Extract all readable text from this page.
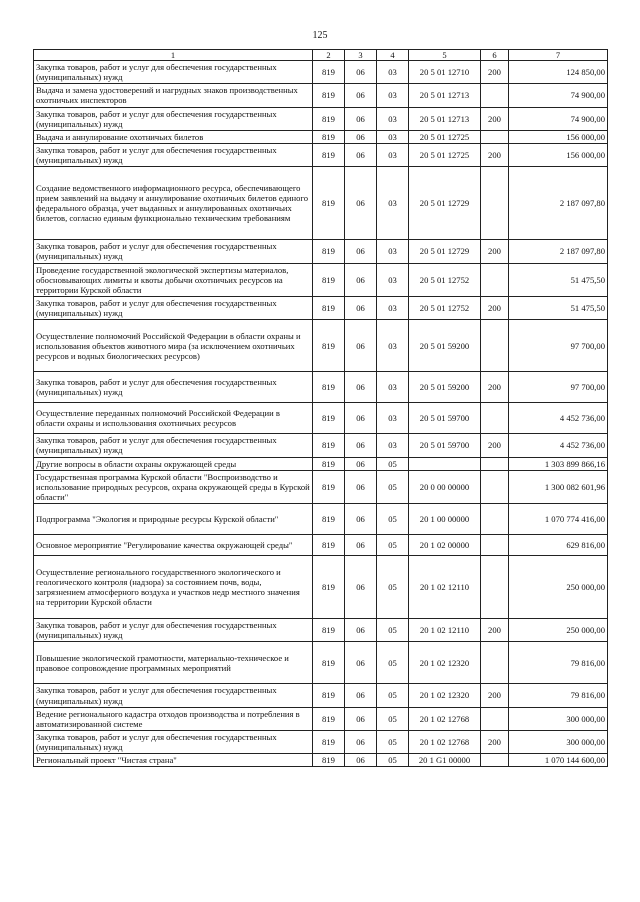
125
1	2	3	4	5	6	7
Закупка товаров, работ и услуг для обеспечения государственных (муниципальных) нужд	819	06	03	20 5 01 12710	200	124 850,00
Выдача и замена удостоверений и нагрудных знаков производственных охотничьих инспекторов	819	06	03	20 5 01 12713		74 900,00
Закупка товаров, работ и услуг для обеспечения государственных (муниципальных) нужд	819	06	03	20 5 01 12713	200	74 900,00
Выдача и аннулирование охотничьих билетов	819	06	03	20 5 01 12725		156 000,00
Закупка товаров, работ и услуг для обеспечения государственных (муниципальных) нужд	819	06	03	20 5 01 12725	200	156 000,00
Создание ведомственного информационного ресурса, обеспечивающего прием заявлений на выдачу и аннулирование охотничьих билетов единого федерального образца, учет выданных и аннулированных охотничьих билетов, согласно единым функционально техническим требованиям	819	06	03	20 5 01 12729		2 187 097,80
Закупка товаров, работ и услуг для обеспечения государственных (муниципальных) нужд	819	06	03	20 5 01 12729	200	2 187 097,80
Проведение государственной экологической экспертизы материалов, обосновывающих лимиты и квоты добычи охотничьих ресурсов на территории Курской области	819	06	03	20 5 01 12752		51 475,50
Закупка товаров, работ и услуг для обеспечения государственных (муниципальных) нужд	819	06	03	20 5 01 12752	200	51 475,50
Осуществление полномочий Российской Федерации в области охраны и использования объектов животного мира (за исключением охотничьих ресурсов и водных биологических ресурсов)	819	06	03	20 5 01 59200		97 700,00
Закупка товаров, работ и услуг для обеспечения государственных (муниципальных) нужд	819	06	03	20 5 01 59200	200	97 700,00
Осуществление переданных полномочий Российской Федерации в области охраны и использования охотничьих ресурсов	819	06	03	20 5 01 59700		4 452 736,00
Закупка товаров, работ и услуг для обеспечения государственных (муниципальных) нужд	819	06	03	20 5 01 59700	200	4 452 736,00
Другие вопросы в области охраны окружающей среды	819	06	05			1 303 899 866,16
Государственная программа Курской области "Воспроизводство и использование природных ресурсов, охрана окружающей среды в Курской области"	819	06	05	20 0 00 00000		1 300 082 601,96
Подпрограмма "Экология и природные ресурсы Курской области"	819	06	05	20 1 00 00000		1 070 774 416,00
Основное мероприятие "Регулирование качества окружающей среды"	819	06	05	20 1 02 00000		629 816,00
Осуществление регионального государственного экологического и геологического контроля (надзора) за состоянием почв, воды, загрязнением атмосферного воздуха и участков недр местного значения на территории Курской области	819	06	05	20 1 02 12110		250 000,00
Закупка товаров, работ и услуг для обеспечения государственных (муниципальных) нужд	819	06	05	20 1 02 12110	200	250 000,00
Повышение экологической грамотности, материально-техническое и правовое сопровождение программных мероприятий	819	06	05	20 1 02 12320		79 816,00
Закупка товаров, работ и услуг для обеспечения государственных (муниципальных) нужд	819	06	05	20 1 02 12320	200	79 816,00
Ведение регионального кадастра отходов производства и потребления в автоматизированной системе	819	06	05	20 1 02 12768		300 000,00
Закупка товаров, работ и услуг для обеспечения государственных (муниципальных) нужд	819	06	05	20 1 02 12768	200	300 000,00
Региональный проект "Чистая страна"	819	06	05	20 1 G1 00000		1 070 144 600,00
